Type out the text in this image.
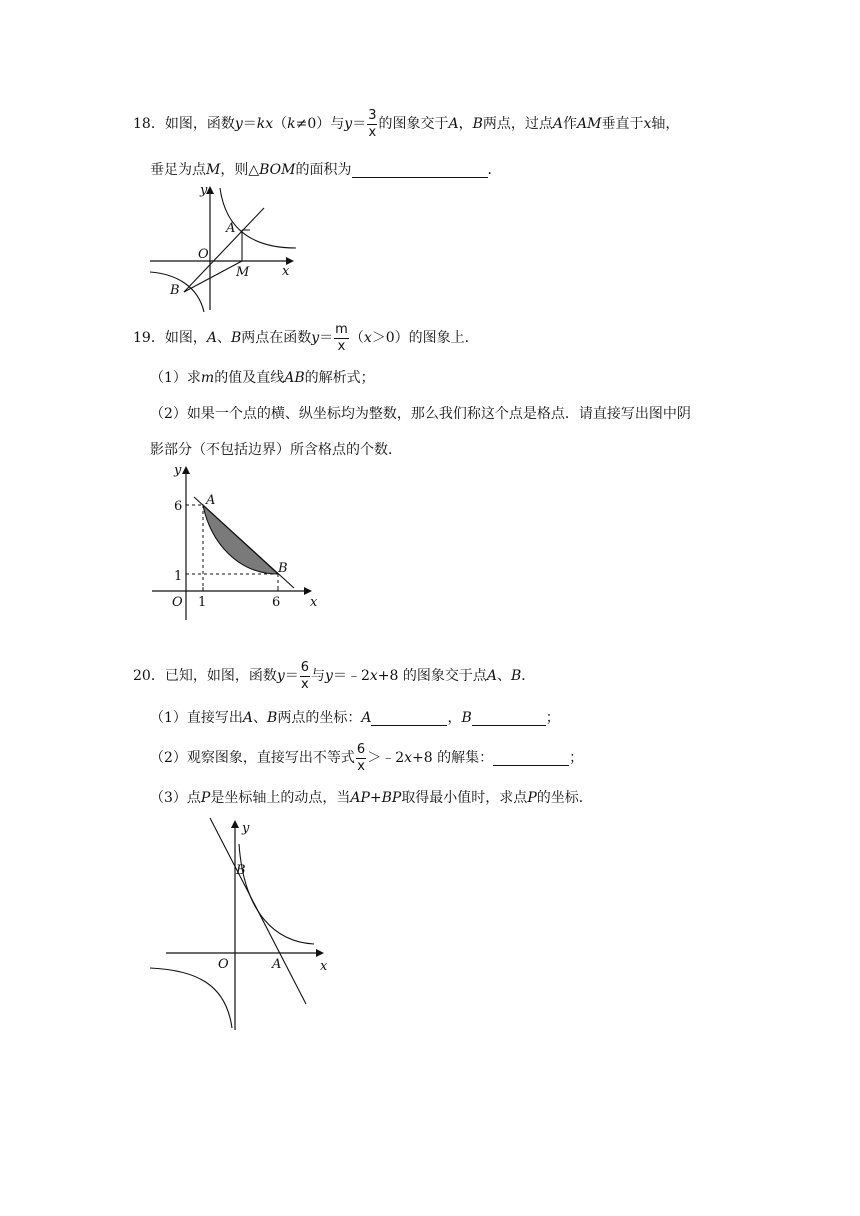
18． 如图，函数 y ＝ kx （ k ≠0）与 $y = \frac{3}{x}$ 的图象交于 A ， B 两点，过点 A 作 AM 垂直于 x 轴，
垂足为点 M ，则△ BOM 的面积为	．
y
A
O
M	x
B
19． 如图， A 、 B 两点在函数 $y = \frac{m}{x}$ （ x ＞0）的图象上．
（1）求 m 的值及直线 AB 的解析式；
（2）如果一个点的横、纵坐标均为整数，那么我们称这个点是格点．请直接写出图中阴
影部分（不包括边界）所含格点的个数．
y
6 A
1
B
O 1	6 x
20． 已知，如图，函数 $y = \frac{6}{x}$ 与 y ＝﹣2 x +8 的图象交于点 A 、 B ．
（1）直接写出 A 、 B 两点的坐标： A	， B	；
（2）观察图象，直接写出不等式 $\frac{6}{x}$ ＞﹣2 x +8 的解集：	；
（3）点 P 是坐标轴上的动点，当 AP+BP 取得最小值时，求点 P 的坐标．
y
B
O	A	x
